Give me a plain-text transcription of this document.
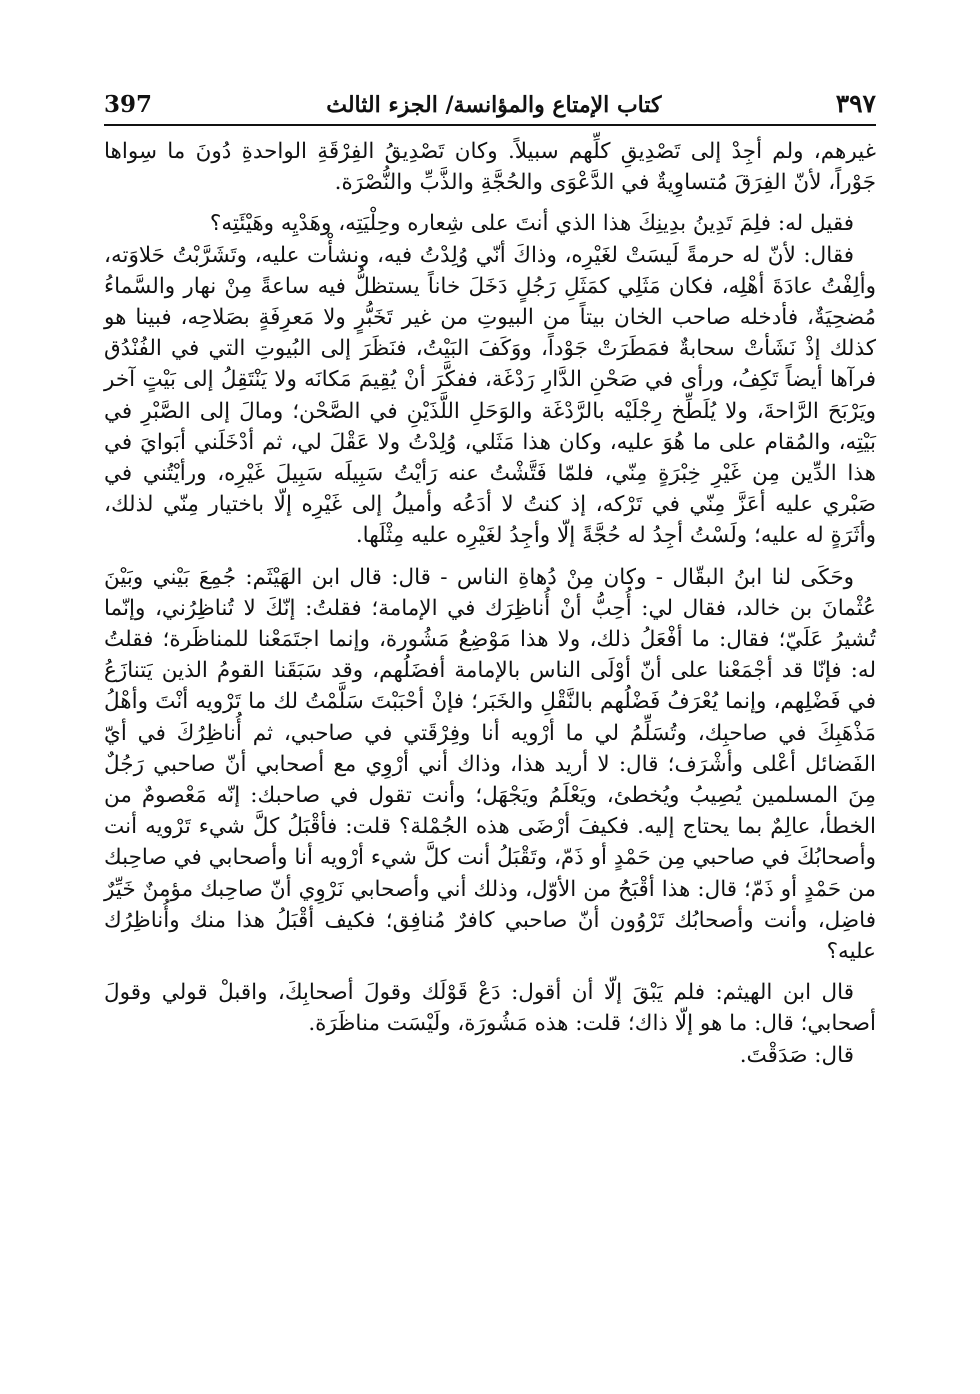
397	كتاب الإمتاع والمؤانسة/ الجزء الثالث	٣٩٧

غيرهم، ولم أجِدْ إلى تَصْدِيقِ كلِّهم سبيلاً. وكان تَصْدِيقُ الفِرْقَةِ الواحدةِ دُونَ ما سِواها جَوْراً، لأنّ الفِرَقَ مُتساوِيةٌ في الدَّعْوَى والحُجَّةِ والذَّبِّ والنُّصْرَة.

فقيل له: فلِمَ تَدِينُ بدِينِكَ هذا الذي أنتَ على شِعاره وحِلْيَتِه، وهَدْيِه وهَيْئَتِه؟

فقال: لأنّ له حرمةً لَيسَتْ لغَيْرِه، وذاكَ أنّي وُلِدْتُ فيه، ونشأْت عليه، وتَشَرَّبْتُ حَلاوَته، وألِفْتُ عادَةَ أهْلِه، فكان مَثَلِي كمَثَلِ رَجُلٍ دَخَلَ خاناً يستظلُّ فيه ساعةً مِنْ نهار والسَّماءُ مُضحِيَةٌ، فأدخله صاحب الخان بيتاً من البيوتِ من غير تَخَبُّرٍ ولا مَعرِفَةٍ بصَلاحِه، فبينا هو كذلك إذْ نَشَأتْ سحابةٌ فمَطَرَتْ جَوْداً، ووَكَفَ البَيْتُ، فنَظَرَ إلى البُيوتِ التي في الفُنْدُق فرآها أيضاً تَكِفُ، ورأى في صَحْنِ الدَّارِ رَدْغَة، ففكَّرَ أنْ يُقِيمَ مَكانَه ولا يَنْتَقِلُ إلى بَيْتٍ آخر ويَرْبَحَ الرَّاحةَ، ولا يُلَطِّخ رِجْلَيْه بالرَّدْغَة والوَحَلِ اللَّذَيْنِ في الصَّحْن؛ ومالَ إلى الصَّبْرِ في بَيْتِه، والمُقام على ما هُوَ عليه، وكان هذا مَثَلي، وُلِدْتُ ولا عَقْلَ لي، ثم أدْخَلَني أبَوايَ في هذا الدِّين مِن غَيْرِ خِبْرَةٍ مِنّي، فلمّا فَتَّشْتُ عنه رَأيْتُ سَبِيلَه سَبِيلَ غَيْرِه، ورأيْتُني في صَبْري عليه أعَزَّ مِنّي في تَرْكه، إذ كنتُ لا أدَعُه وأميلُ إلى غَيْرِه إلّا باختيار مِنّي لذلك، وأثَرَةٍ له عليه؛ ولَسْتُ أجِدُ له حُجَّةً إلّا وأجِدُ لغَيْرِه عليه مِثْلَها.

وحَكَى لنا ابنُ البقّال - وكان مِنْ دُهاةِ الناس - قال: قال ابن الهَيْثَم: جُمِعَ بَيْني وبَيْنَ عُثْمانَ بن خالد، فقال لي: أُحِبُّ أنْ أُناظِرَك في الإمامة؛ فقلتُ: إنّكَ لا تُناظِرُني، وإنّما تُشيرُ عَلَيّ؛ فقال: ما أفْعَلُ ذلك، ولا هذا مَوْضِعُ مَشُورة، وإنما اجتَمَعْنا للمناظَرة؛ فقلتُ له: فإنّا قد أجْمَعْنا على أنّ أوْلَى الناس بالإمامة أفضَلُهم، وقد سَبَقَنا القومُ الذين يَتنازَعُ في فَضْلِهم، وإنما يُعْرَفُ فَضْلُهم بالنَّقْلِ والخَبَر؛ فإنْ أحْبَبْتَ سَلَّمْتُ لك ما تَرْويه أنْتَ وأهْلُ مَذْهَبِكَ في صاحبِك، وتُسَلِّمُ لي ما أرْويه أنا وفِرْقَتي في صاحبي، ثم أُناظِرُكَ في أيّ الفَضائل أعْلى وأشْرَف؛ قال: لا أريد هذا، وذاك أني أرْوِي مع أصحابي أنّ صاحبي رَجُلٌ مِنَ المسلمين يُصِيبُ ويُخطئ، ويَعْلَمُ ويَجْهَل؛ وأنت تقول في صاحبك: إنّه مَعْصومٌ من الخطأ، عالِمٌ بما يحتاج إليه. فكيفَ أرْضَى هذه الجُمْلة؟ قلت: فأقْبَلُ كلَّ شيء تَرْويه أنت وأصحابُكَ في صاحبي مِن حَمْدٍ أو ذَمّ، وتَقْبَلُ أنت كلَّ شيء أرْويه أنا وأصحابي في صاحِبك من حَمْدٍ أو ذَمّ؛ قال: هذا أقْبَحُ من الأوّل، وذلك أني وأصحابي نَرْوِي أنّ صاحِبك مؤمنٌ خَيِّرٌ فاضِل، وأنت وأصحابُك تَرْوُون أنّ صاحبي كافرٌ مُنافِق؛ فكيف أقْبَلُ هذا منك وأُناظِرُك عليه؟

قال ابن الهيثم: فلم يَبْقَ إلّا أن أقول: دَعْ قَوْلَك وقولَ أصحابِكَ، واقبلْ قولي وقولَ أصحابي؛ قال: ما هو إلّا ذاك؛ قلت: هذه مَشُورَة، ولَيْسَت مناظَرَة.

قال: صَدَقْتَ.
